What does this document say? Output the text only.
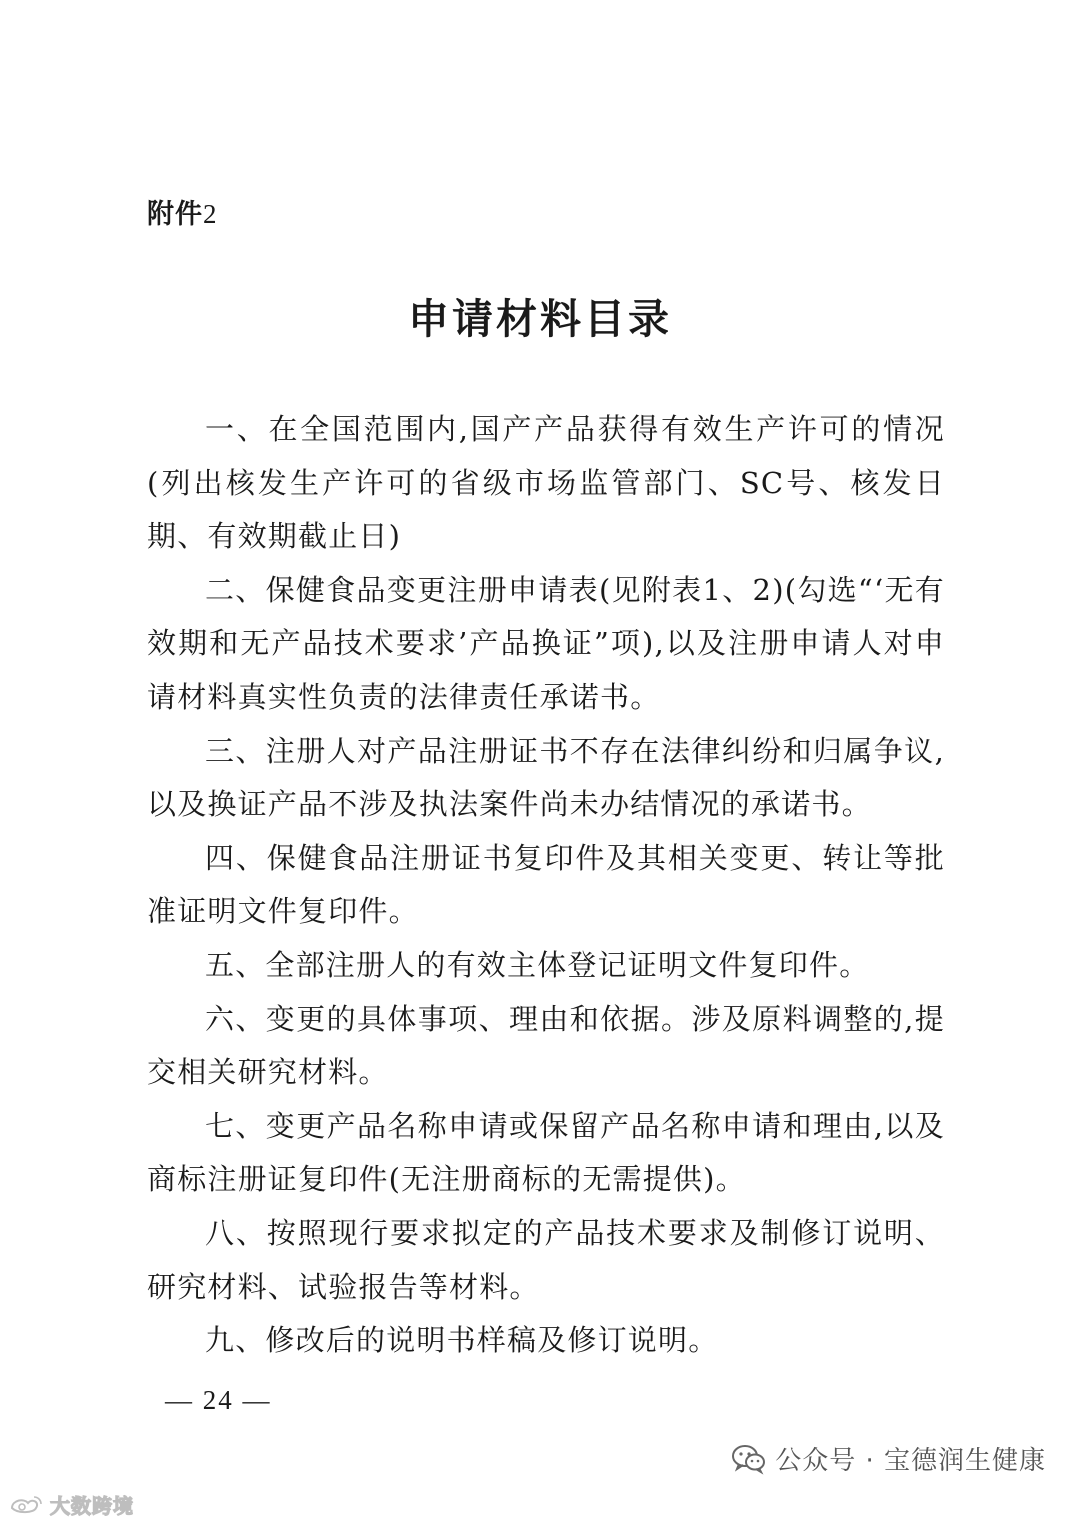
附件2
申请材料目录

一、在全国范围内,国产产品获得有效生产许可的情况(列出核发生产许可的省级市场监管部门、SC号、核发日期、有效期截止日)

二、保健食品变更注册申请表(见附表1、2)(勾选“‘无有效期和无产品技术要求’产品换证”项),以及注册申请人对申请材料真实性负责的法律责任承诺书。

三、注册人对产品注册证书不存在法律纠纷和归属争议,以及换证产品不涉及执法案件尚未办结情况的承诺书。

四、保健食品注册证书复印件及其相关变更、转让等批准证明文件复印件。

五、全部注册人的有效主体登记证明文件复印件。

六、变更的具体事项、理由和依据。涉及原料调整的,提交相关研究材料。

七、变更产品名称申请或保留产品名称申请和理由,以及商标注册证复印件(无注册商标的无需提供)。

八、按照现行要求拟定的产品技术要求及制修订说明、研究材料、试验报告等材料。

九、修改后的说明书样稿及修订说明。

— 24 —
公众号 · 宝德润生健康
大数跨境
